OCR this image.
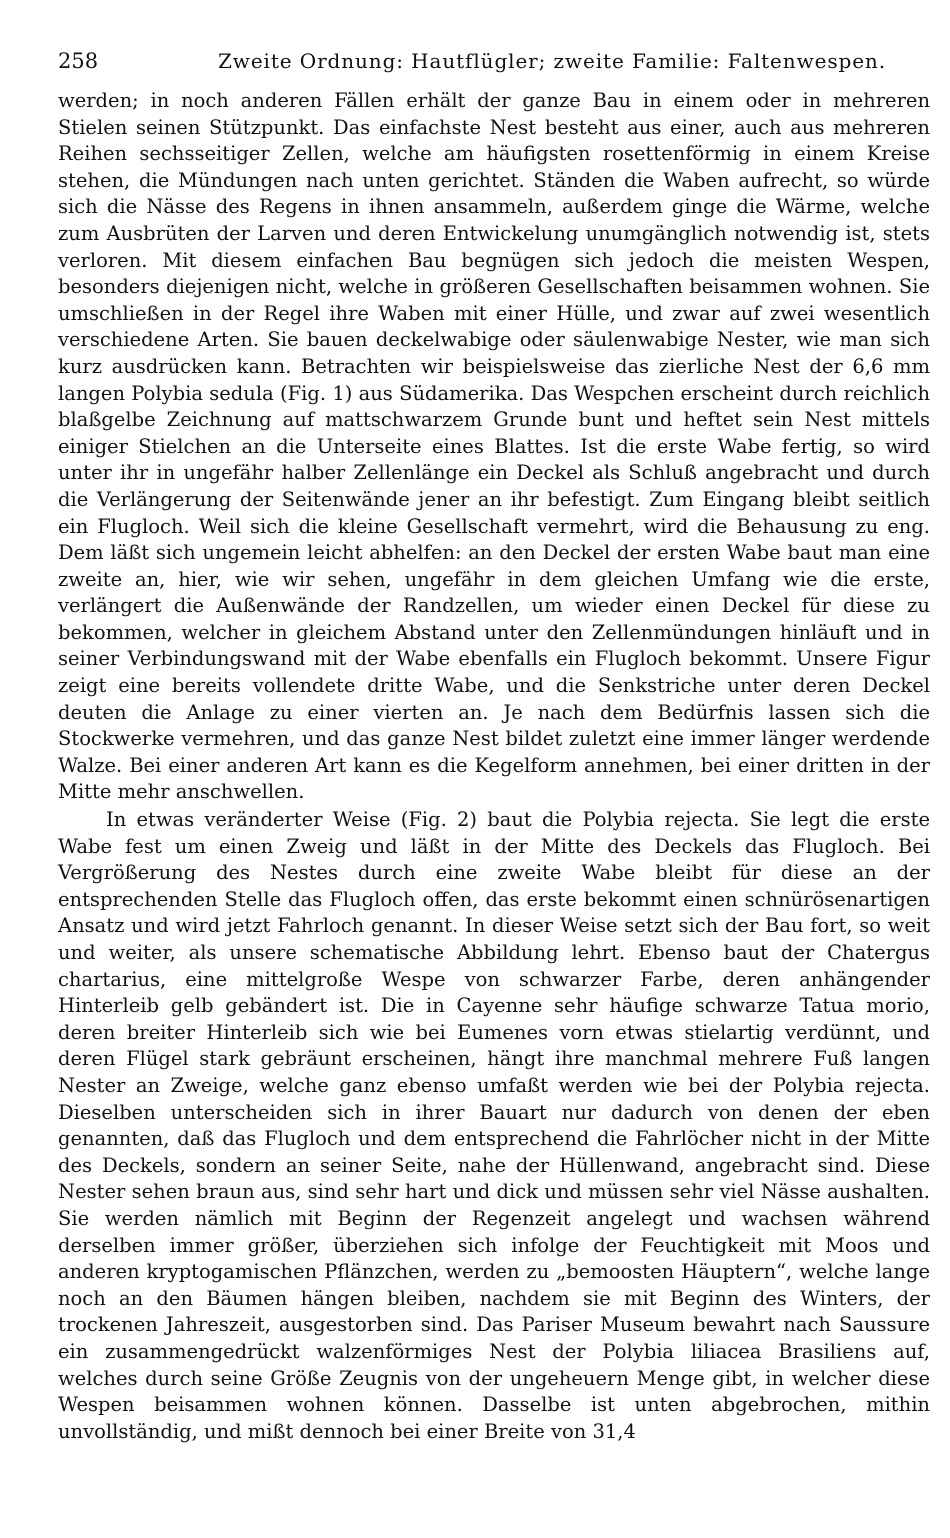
258	Zweite Ordnung: Hautflügler; zweite Familie: Faltenwespen.

werden; in noch anderen Fällen erhält der ganze Bau in einem oder in mehreren Stielen seinen Stützpunkt. Das einfachste Nest besteht aus einer, auch aus mehreren Reihen sechsseitiger Zellen, welche am häufigsten rosettenförmig in einem Kreise stehen, die Mündungen nach unten gerichtet. Ständen die Waben aufrecht, so würde sich die Nässe des Regens in ihnen ansammeln, außerdem ginge die Wärme, welche zum Ausbrüten der Larven und deren Entwickelung unumgänglich notwendig ist, stets verloren. Mit diesem einfachen Bau begnügen sich jedoch die meisten Wespen, besonders diejenigen nicht, welche in größeren Gesellschaften beisammen wohnen. Sie umschließen in der Regel ihre Waben mit einer Hülle, und zwar auf zwei wesentlich verschiedene Arten. Sie bauen deckelwabige oder säulenwabige Nester, wie man sich kurz ausdrücken kann. Betrachten wir beispielsweise das zierliche Nest der 6,6 mm langen Polybia sedula (Fig. 1) aus Südamerika. Das Wespchen erscheint durch reichlich blaßgelbe Zeichnung auf mattschwarzem Grunde bunt und heftet sein Nest mittels einiger Stielchen an die Unterseite eines Blattes. Ist die erste Wabe fertig, so wird unter ihr in ungefähr halber Zellenlänge ein Deckel als Schluß angebracht und durch die Verlängerung der Seitenwände jener an ihr befestigt. Zum Eingang bleibt seitlich ein Flugloch. Weil sich die kleine Gesellschaft vermehrt, wird die Behausung zu eng. Dem läßt sich ungemein leicht abhelfen: an den Deckel der ersten Wabe baut man eine zweite an, hier, wie wir sehen, ungefähr in dem gleichen Umfang wie die erste, verlängert die Außenwände der Randzellen, um wieder einen Deckel für diese zu bekommen, welcher in gleichem Abstand unter den Zellenmündungen hinläuft und in seiner Verbindungswand mit der Wabe ebenfalls ein Flugloch bekommt. Unsere Figur zeigt eine bereits vollendete dritte Wabe, und die Senkstriche unter deren Deckel deuten die Anlage zu einer vierten an. Je nach dem Bedürfnis lassen sich die Stockwerke vermehren, und das ganze Nest bildet zuletzt eine immer länger werdende Walze. Bei einer anderen Art kann es die Kegelform annehmen, bei einer dritten in der Mitte mehr anschwellen.

In etwas veränderter Weise (Fig. 2) baut die Polybia rejecta. Sie legt die erste Wabe fest um einen Zweig und läßt in der Mitte des Deckels das Flugloch. Bei Vergrößerung des Nestes durch eine zweite Wabe bleibt für diese an der entsprechenden Stelle das Flugloch offen, das erste bekommt einen schnürösenartigen Ansatz und wird jetzt Fahrloch genannt. In dieser Weise setzt sich der Bau fort, so weit und weiter, als unsere schematische Abbildung lehrt. Ebenso baut der Chatergus chartarius, eine mittelgroße Wespe von schwarzer Farbe, deren anhängender Hinterleib gelb gebändert ist. Die in Cayenne sehr häufige schwarze Tatua morio, deren breiter Hinterleib sich wie bei Eumenes vorn etwas stielartig verdünnt, und deren Flügel stark gebräunt erscheinen, hängt ihre manchmal mehrere Fuß langen Nester an Zweige, welche ganz ebenso umfaßt werden wie bei der Polybia rejecta. Dieselben unterscheiden sich in ihrer Bauart nur dadurch von denen der eben genannten, daß das Flugloch und dem entsprechend die Fahrlöcher nicht in der Mitte des Deckels, sondern an seiner Seite, nahe der Hüllenwand, angebracht sind. Diese Nester sehen braun aus, sind sehr hart und dick und müssen sehr viel Nässe aushalten. Sie werden nämlich mit Beginn der Regenzeit angelegt und wachsen während derselben immer größer, überziehen sich infolge der Feuchtigkeit mit Moos und anderen kryptogamischen Pflänzchen, werden zu „bemoosten Häuptern“, welche lange noch an den Bäumen hängen bleiben, nachdem sie mit Beginn des Winters, der trockenen Jahreszeit, ausgestorben sind. Das Pariser Museum bewahrt nach Saussure ein zusammengedrückt walzenförmiges Nest der Polybia liliacea Brasiliens auf, welches durch seine Größe Zeugnis von der ungeheuern Menge gibt, in welcher diese Wespen beisammen wohnen können. Dasselbe ist unten abgebrochen, mithin unvollständig, und mißt dennoch bei einer Breite von 31,4
